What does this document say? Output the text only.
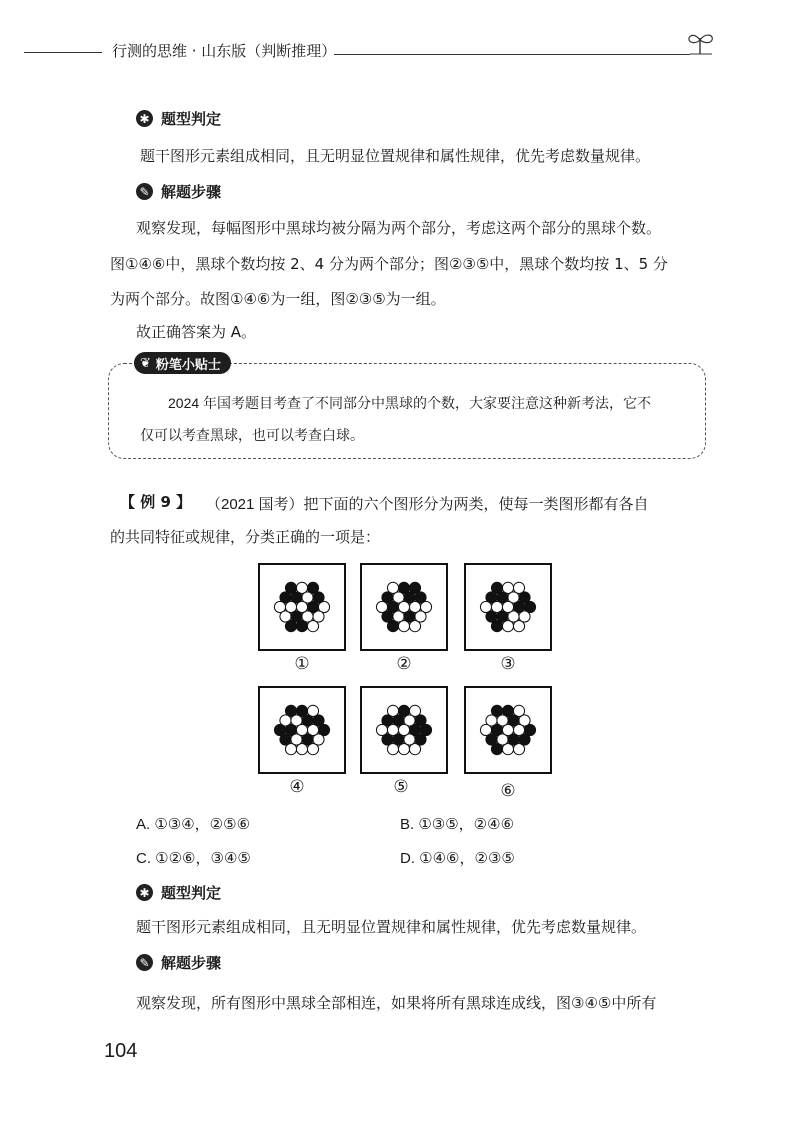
行测的思维 · 山东版（判断推理）
✱ 题型判定
题干图形元素组成相同，且无明显位置规律和属性规律，优先考虑数量规律。
✎ 解题步骤
观察发现，每幅图形中黑球均被分隔为两个部分，考虑这两个部分的黑球个数。
图①④⑥中，黑球个数均按 2、4 分为两个部分；图②③⑤中，黑球个数均按 1、5 分
为两个部分。故图①④⑥为一组，图②③⑤为一组。
故正确答案为 A。
❦ 粉笔小贴士
2024 年国考题目考查了不同部分中黑球的个数，大家要注意这种新考法，它不
仅可以考查黑球，也可以考查白球。
【 例 9 】 （2021 国考）把下面的六个图形分为两类，使每一类图形都有各自
的共同特征或规律，分类正确的一项是：
①	②	③
④	⑤	⑥
A. ①③④，②⑤⑥	B. ①③⑤，②④⑥
C. ①②⑥，③④⑤	D. ①④⑥，②③⑤
✱ 题型判定
题干图形元素组成相同，且无明显位置规律和属性规律，优先考虑数量规律。
✎ 解题步骤
观察发现，所有图形中黑球全部相连，如果将所有黑球连成线，图③④⑤中所有
104
